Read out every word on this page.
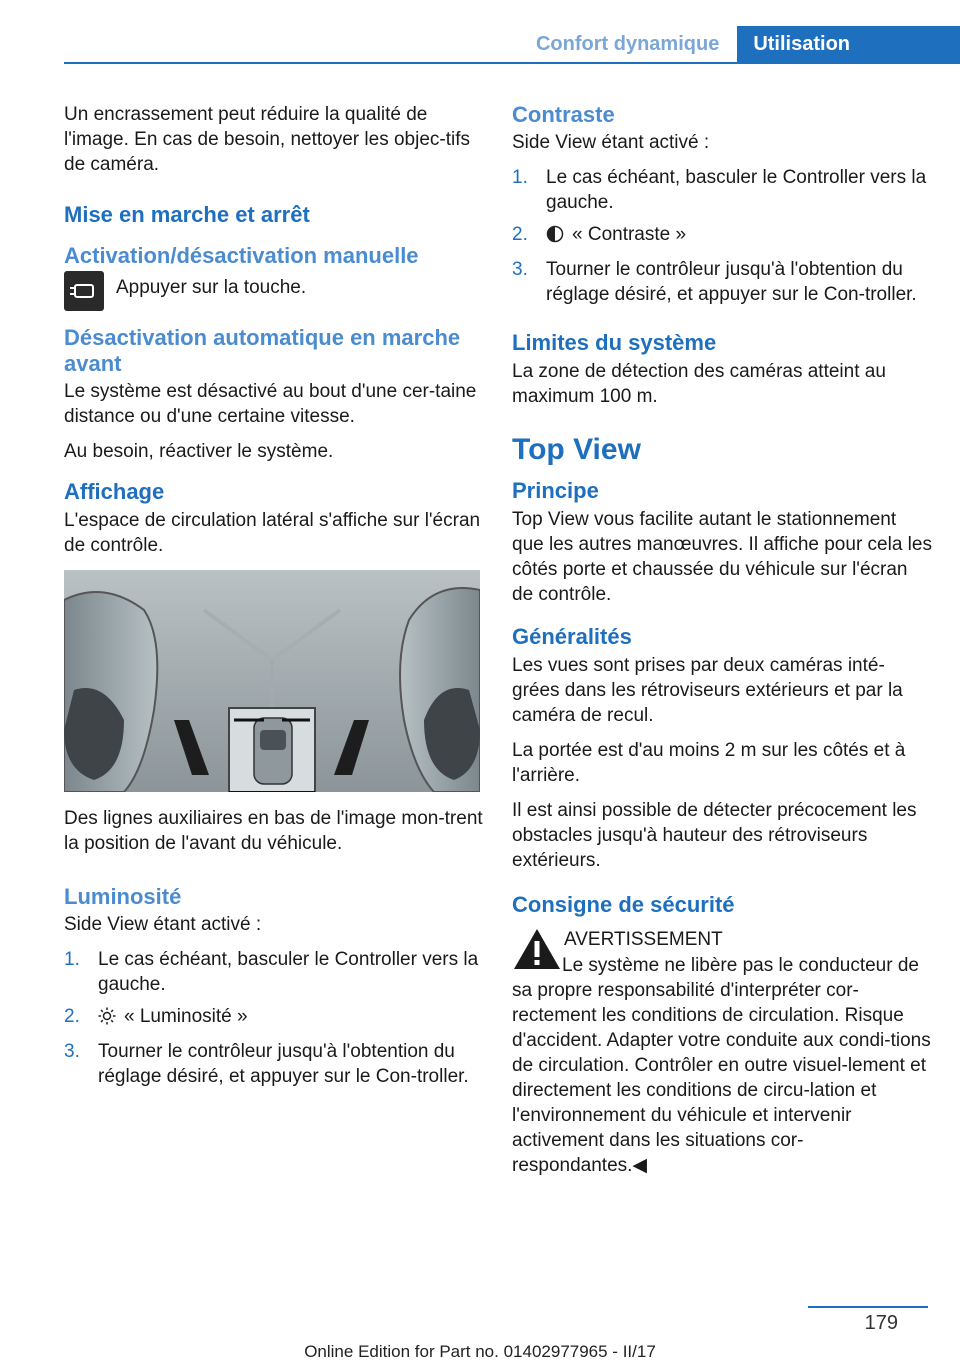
Confort dynamique	Utilisation

Un encrassement peut réduire la qualité de l'image. En cas de besoin, nettoyer les objec-tifs de caméra.

Mise en marche et arrêt
Activation/désactivation manuelle

Appuyer sur la touche.

Désactivation automatique en marche avant

Le système est désactivé au bout d'une cer-taine distance ou d'une certaine vitesse.

Au besoin, réactiver le système.

Affichage

L'espace de circulation latéral s'affiche sur l'écran de contrôle.

Des lignes auxiliaires en bas de l'image mon-trent la position de l'avant du véhicule.

Luminosité

Side View étant activé :

1. Le cas échéant, basculer le Controller vers la gauche.
2.	« Luminosité »
3. Tourner le contrôleur jusqu'à l'obtention du réglage désiré, et appuyer sur le Con-troller.
Contraste

Side View étant activé :

1. Le cas échéant, basculer le Controller vers la gauche.
2.	« Contraste »
3. Tourner le contrôleur jusqu'à l'obtention du réglage désiré, et appuyer sur le Con-troller.
Limites du système

La zone de détection des caméras atteint au maximum 100 m.

Top View
Principe

Top View vous facilite autant le stationnement que les autres manœuvres. Il affiche pour cela les côtés porte et chaussée du véhicule sur l'écran de contrôle.

Généralités

Les vues sont prises par deux caméras inté-grées dans les rétroviseurs extérieurs et par la caméra de recul.

La portée est d'au moins 2 m sur les côtés et à l'arrière.

Il est ainsi possible de détecter précocement les obstacles jusqu'à hauteur des rétroviseurs extérieurs.

Consigne de sécurité
AVERTISSEMENT

Le système ne libère pas le conducteur de sa propre responsabilité d'interpréter cor-rectement les conditions de circulation. Risque d'accident. Adapter votre conduite aux condi-tions de circulation. Contrôler en outre visuel-lement et directement les conditions de circu-lation et l'environnement du véhicule et intervenir activement dans les situations cor-respondantes.◀

179
Online Edition for Part no. 01402977965 - II/17
